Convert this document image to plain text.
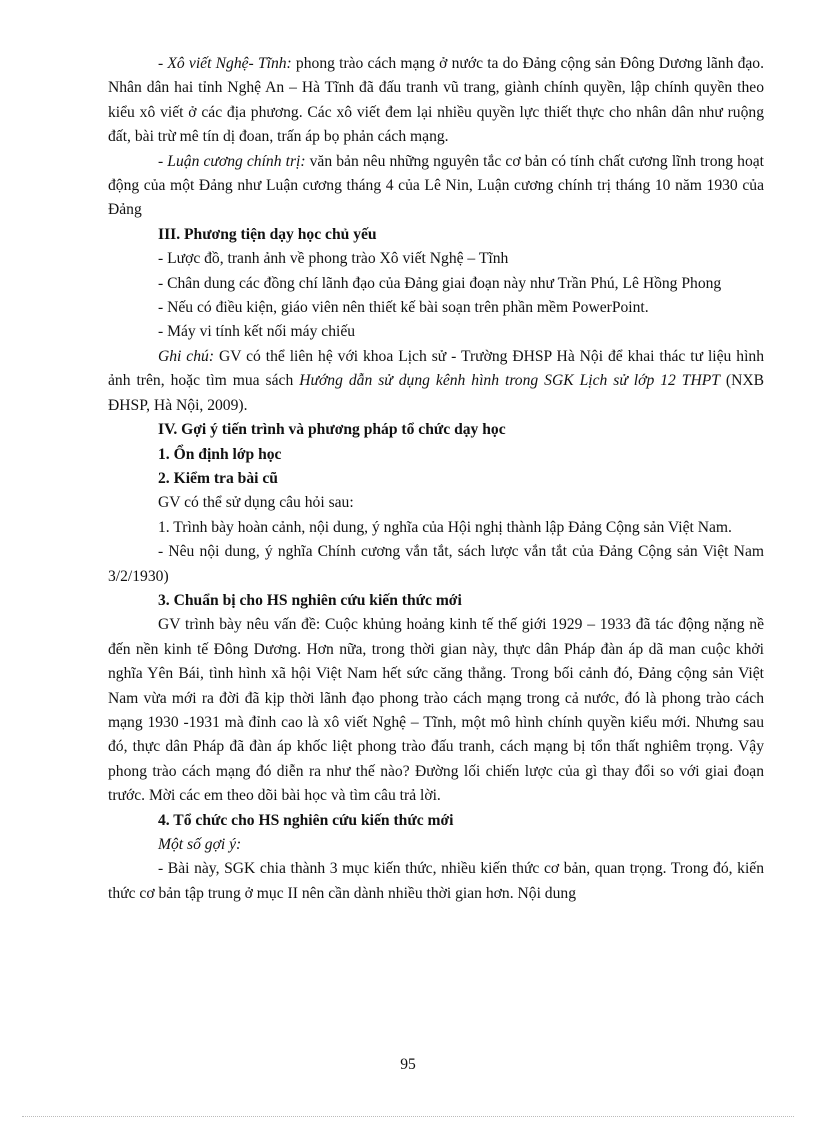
- Xô viết Nghệ- Tĩnh: phong trào cách mạng ở nước ta do Đảng cộng sản Đông Dương lãnh đạo. Nhân dân hai tỉnh Nghệ An – Hà Tĩnh đã đấu tranh vũ trang, giành chính quyền, lập chính quyền theo kiểu xô viết ở các địa phương. Các xô viết đem lại nhiều quyền lực thiết thực cho nhân dân như ruộng đất, bài trừ mê tín dị đoan, trấn áp bọ phản cách mạng.

- Luận cương chính trị: văn bản nêu những nguyên tắc cơ bản có tính chất cương lĩnh trong hoạt động của một Đảng như Luận cương tháng 4 của Lê Nin, Luận cương chính trị tháng 10 năm 1930 của Đảng

III. Phương tiện dạy học chủ yếu

- Lược đồ, tranh ảnh về phong trào Xô viết Nghệ – Tĩnh

- Chân dung các đồng chí lãnh đạo của Đảng giai đoạn này như Trần Phú, Lê Hồng Phong

- Nếu có điều kiện, giáo viên nên thiết kế bài soạn trên phần mềm PowerPoint.

- Máy vi tính kết nối máy chiếu

Ghi chú: GV có thể liên hệ với khoa Lịch sử - Trường ĐHSP Hà Nội để khai thác tư liệu hình ảnh trên, hoặc tìm mua sách Hướng dẫn sử dụng kênh hình trong SGK Lịch sử lớp 12 THPT (NXB ĐHSP, Hà Nội, 2009).

IV. Gợi ý tiến trình và phương pháp tổ chức dạy học

1. Ổn định lớp học

2. Kiểm tra bài cũ

GV có thể sử dụng câu hỏi sau:

1. Trình bày hoàn cảnh, nội dung, ý nghĩa của Hội nghị thành lập Đảng Cộng sản Việt Nam.

- Nêu nội dung, ý nghĩa Chính cương vắn tắt, sách lược vắn tắt của Đảng Cộng sản Việt Nam 3/2/1930)

3. Chuẩn bị cho HS nghiên cứu kiến thức mới

GV trình bày nêu vấn đề: Cuộc khủng hoảng kinh tế thế giới 1929 – 1933 đã tác động nặng nề đến nền kinh tế Đông Dương. Hơn nữa, trong thời gian này, thực dân Pháp đàn áp dã man cuộc khởi nghĩa Yên Bái, tình hình xã hội Việt Nam hết sức căng thẳng. Trong bối cảnh đó, Đảng cộng sản Việt Nam vừa mới ra đời đã kịp thời lãnh đạo phong trào cách mạng trong cả nước, đó là phong trào cách mạng 1930 -1931 mà đỉnh cao là xô viết Nghệ – Tĩnh, một mô hình chính quyền kiểu mới. Nhưng sau đó, thực dân Pháp đã đàn áp khốc liệt phong trào đấu tranh, cách mạng bị tổn thất nghiêm trọng. Vậy phong trào cách mạng đó diễn ra như thế nào? Đường lối chiến lược của gì thay đổi so với giai đoạn trước. Mời các em theo dõi bài học và tìm câu trả lời.

4. Tổ chức cho HS nghiên cứu kiến thức mới

Một số gợi ý:

- Bài này, SGK chia thành 3 mục kiến thức, nhiều kiến thức cơ bản, quan trọng. Trong đó, kiến thức cơ bản tập trung ở mục II nên cần dành nhiều thời gian hơn. Nội dung

95
